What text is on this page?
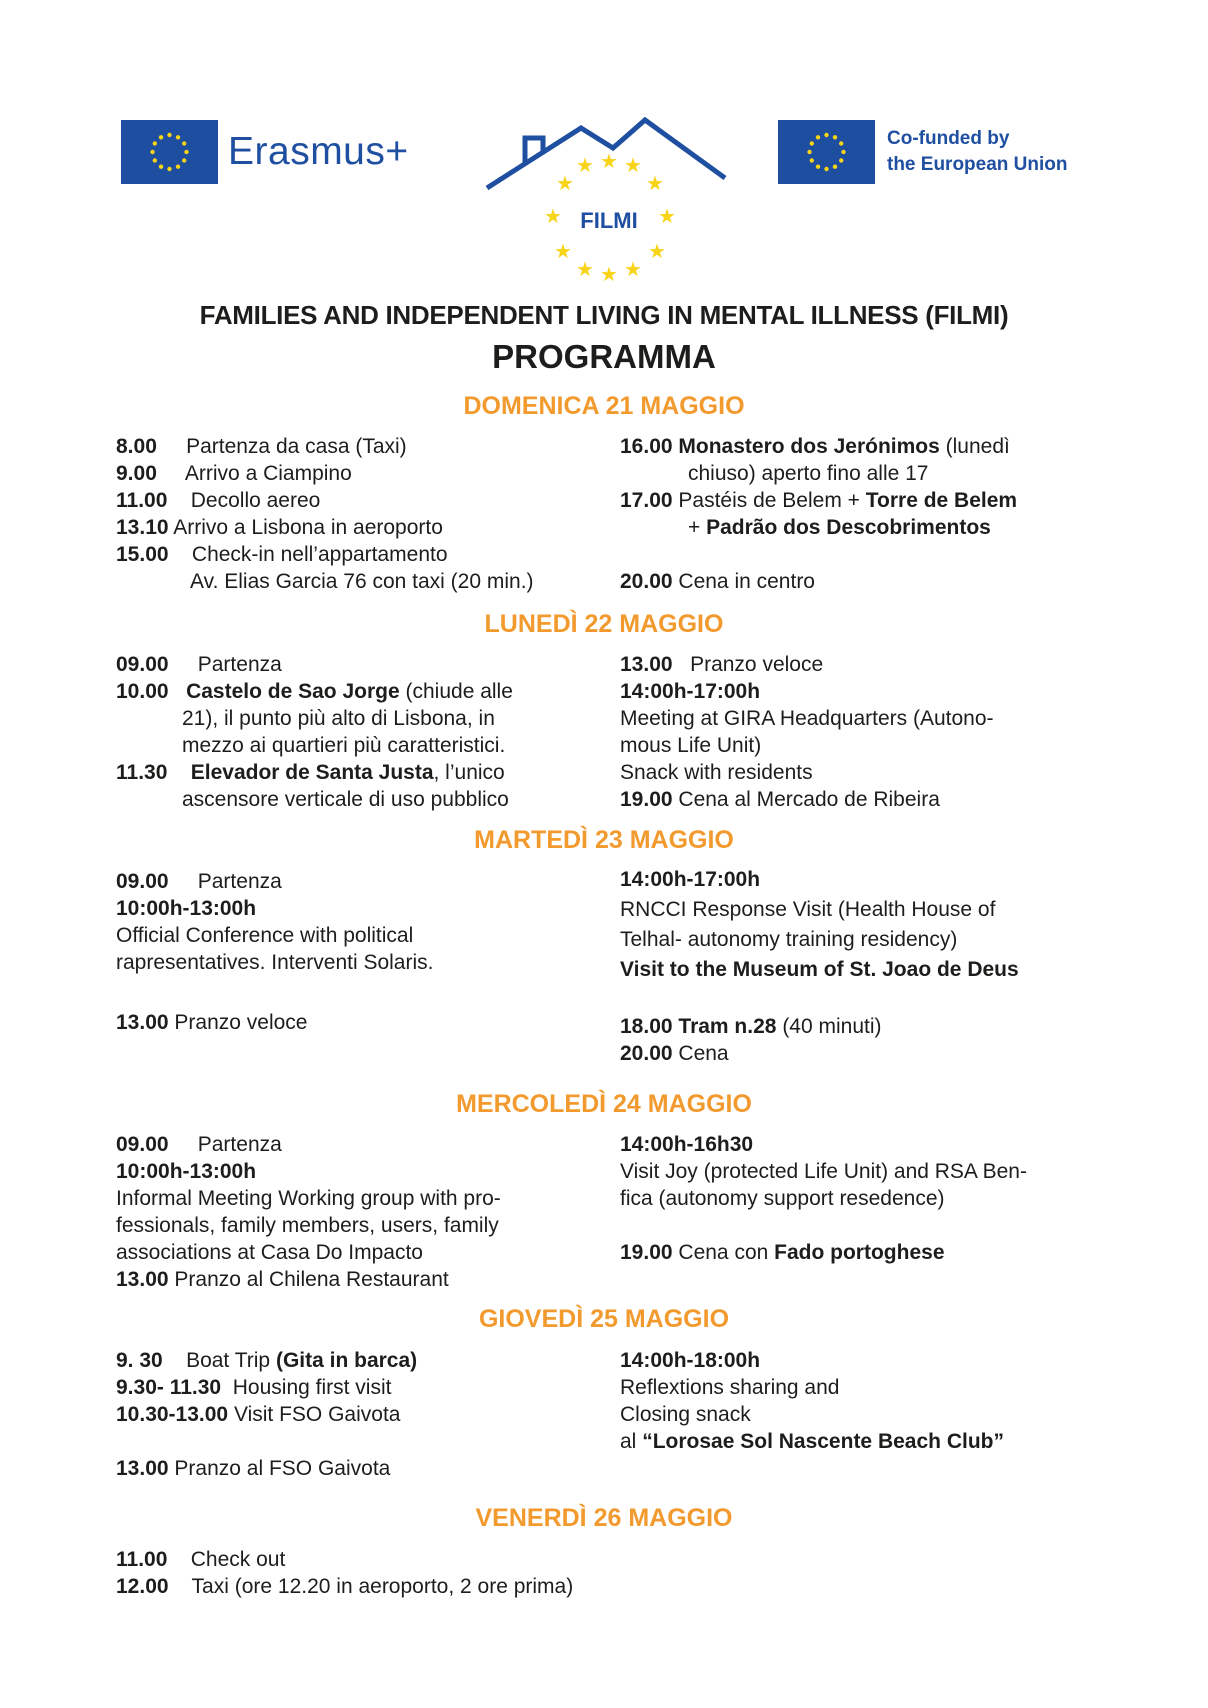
Erasmus+	★ ★ ★
★	★
★	★
★	★
★ ★ ★
FILMI
Co-funded by
the European Union
FAMILIES AND INDEPENDENT LIVING IN MENTAL ILLNESS (FILMI)
PROGRAMMA
DOMENICA 21 MAGGIO
8.00 Partenza da casa (Taxi)
9.00 Arrivo a Ciampino
11.00 Decollo aereo
13.10 Arrivo a Lisbona in aeroporto
15.00 Check-in nell’appartamento
Av. Elias Garcia 76 con taxi (20 min.)
16.00 Monastero dos Jerónimos (lunedì
chiuso) aperto fino alle 17
17.00 Pastéis de Belem + Torre de Belem
+ Padrão dos Descobrimentos
20.00 Cena in centro
LUNEDÌ 22 MAGGIO
09.00 Partenza
10.00 Castelo de Sao Jorge (chiude alle
21), il punto più alto di Lisbona, in
mezzo ai quartieri più caratteristici.
11.30 Elevador de Santa Justa, l’unico
ascensore verticale di uso pubblico
13.00 Pranzo veloce
14:00h-17:00h
Meeting at GIRA Headquarters (Autono-
mous Life Unit)
Snack with residents
19.00 Cena al Mercado de Ribeira
MARTEDÌ 23 MAGGIO
09.00 Partenza
10:00h-13:00h
Official Conference with political
rapresentatives. Interventi Solaris.
13.00 Pranzo veloce
14:00h-17:00h
RNCCI Response Visit (Health House of
Telhal- autonomy training residency)
Visit to the Museum of St. Joao de Deus
18.00 Tram n.28 (40 minuti)
20.00 Cena
MERCOLEDÌ 24 MAGGIO
09.00 Partenza
10:00h-13:00h
Informal Meeting Working group with pro-
fessionals, family members, users, family
associations at Casa Do Impacto
13.00 Pranzo al Chilena Restaurant
14:00h-16h30
Visit Joy (protected Life Unit) and RSA Ben-
fica (autonomy support resedence)
19.00 Cena con Fado portoghese
GIOVEDÌ 25 MAGGIO
9. 30 Boat Trip (Gita in barca)
9.30- 11.30 Housing first visit
10.30-13.00 Visit FSO Gaivota
13.00 Pranzo al FSO Gaivota
14:00h-18:00h
Reflextions sharing and
Closing snack
al “Lorosae Sol Nascente Beach Club”
VENERDÌ 26 MAGGIO
11.00 Check out
12.00 Taxi (ore 12.20 in aeroporto, 2 ore prima)
